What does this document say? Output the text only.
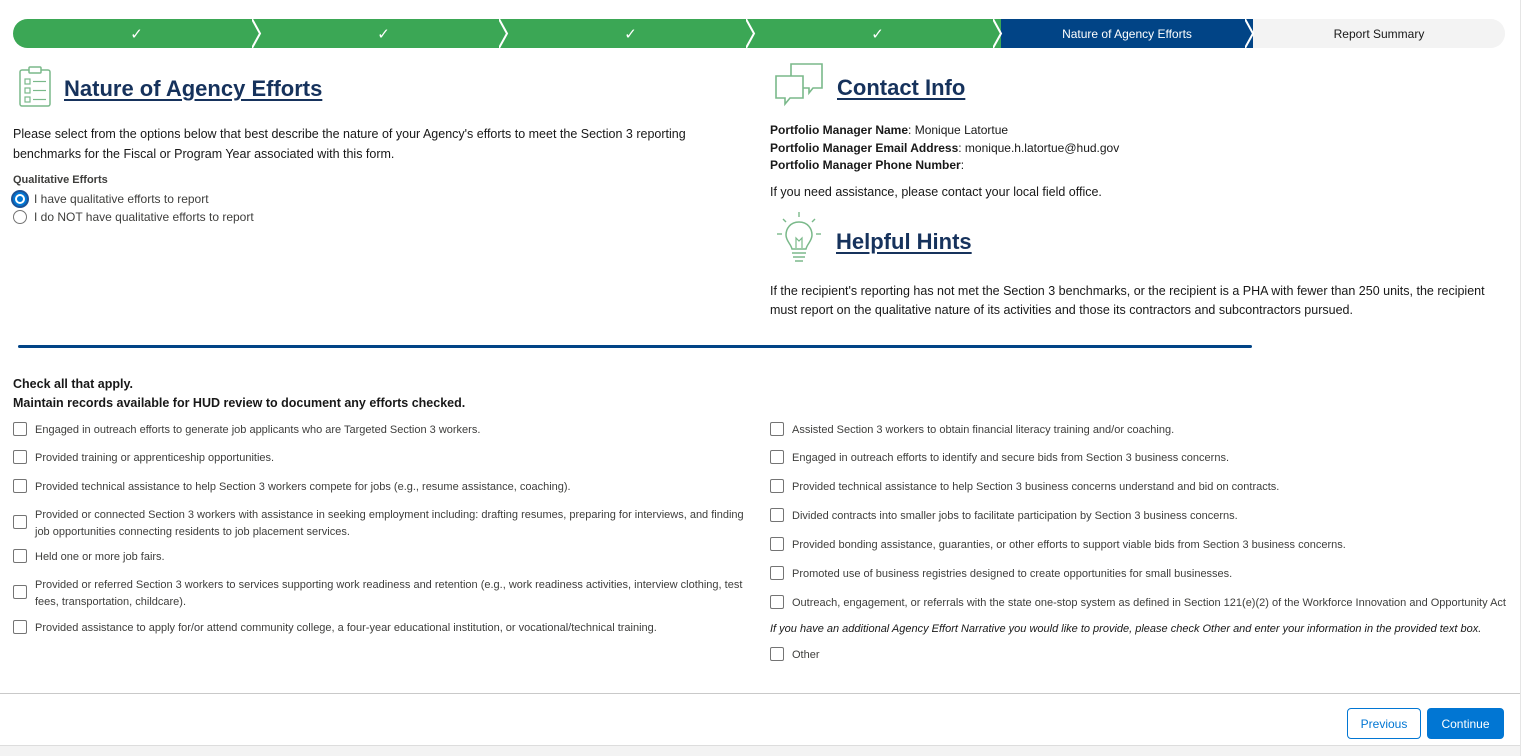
✓	✓	✓	✓	Nature of Agency Efforts	Report Summary
Nature of Agency Efforts
Please select from the options below that best describe the nature of your Agency's efforts to meet the Section 3 reporting benchmarks for the Fiscal or Program Year associated with this form.
Qualitative Efforts
I have qualitative efforts to report
I do NOT have qualitative efforts to report
Contact Info
Portfolio Manager Name: Monique Latortue
Portfolio Manager Email Address: monique.h.latortue@hud.gov
Portfolio Manager Phone Number:
If you need assistance, please contact your local field office.
Helpful Hints
If the recipient's reporting has not met the Section 3 benchmarks, or the recipient is a PHA with fewer than 250 units, the recipient must report on the qualitative nature of its activities and those its contractors and subcontractors pursued.
Check all that apply.
Maintain records available for HUD review to document any efforts checked.
Engaged in outreach efforts to generate job applicants who are Targeted Section 3 workers.
Provided training or apprenticeship opportunities.
Provided technical assistance to help Section 3 workers compete for jobs (e.g., resume assistance, coaching).
Provided or connected Section 3 workers with assistance in seeking employment including: drafting resumes, preparing for interviews, and finding job opportunities connecting residents to job placement services.
Held one or more job fairs.
Provided or referred Section 3 workers to services supporting work readiness and retention (e.g., work readiness activities, interview clothing, test fees, transportation, childcare).
Provided assistance to apply for/or attend community college, a four-year educational institution, or vocational/technical training.
Assisted Section 3 workers to obtain financial literacy training and/or coaching.
Engaged in outreach efforts to identify and secure bids from Section 3 business concerns.
Provided technical assistance to help Section 3 business concerns understand and bid on contracts.
Divided contracts into smaller jobs to facilitate participation by Section 3 business concerns.
Provided bonding assistance, guaranties, or other efforts to support viable bids from Section 3 business concerns.
Promoted use of business registries designed to create opportunities for small businesses.
Outreach, engagement, or referrals with the state one-stop system as defined in Section 121(e)(2) of the Workforce Innovation and Opportunity Act
If you have an additional Agency Effort Narrative you would like to provide, please check Other and enter your information in the provided text box.
Other
Previous	Continue
